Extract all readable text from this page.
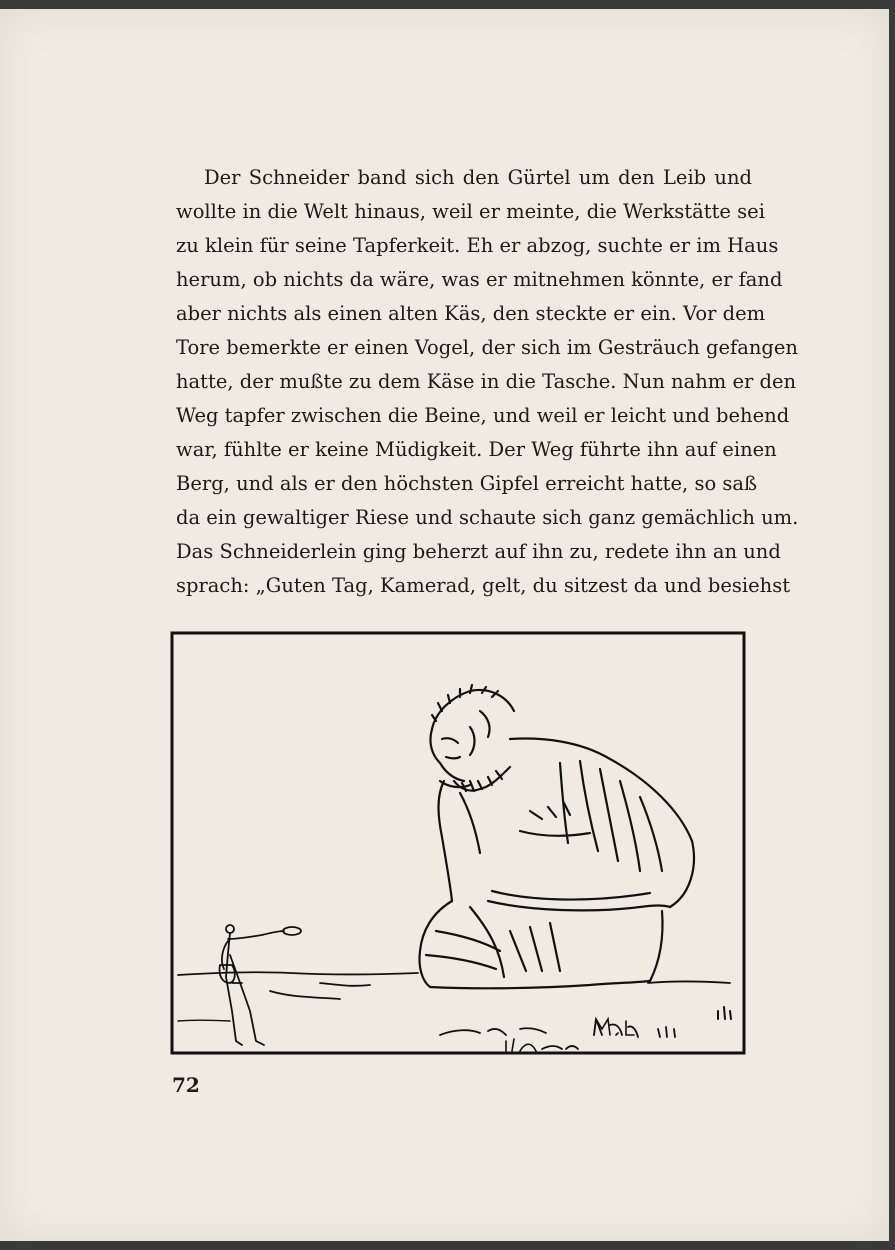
Der Schneider band sich den Gürtel um den Leib und
wollte in die Welt hinaus, weil er meinte, die Werkstätte sei
zu klein für seine Tapferkeit. Eh er abzog, suchte er im Haus
herum, ob nichts da wäre, was er mitnehmen könnte, er fand
aber nichts als einen alten Käs, den steckte er ein. Vor dem
Tore bemerkte er einen Vogel, der sich im Gesträuch gefangen
hatte, der mußte zu dem Käse in die Tasche. Nun nahm er den
Weg tapfer zwischen die Beine, und weil er leicht und behend
war, fühlte er keine Müdigkeit. Der Weg führte ihn auf einen
Berg, und als er den höchsten Gipfel erreicht hatte, so saß
da ein gewaltiger Riese und schaute sich ganz gemächlich um.
Das Schneiderlein ging beherzt auf ihn zu, redete ihn an und
sprach: „Guten Tag, Kamerad, gelt, du sitzest da und besiehst
72
